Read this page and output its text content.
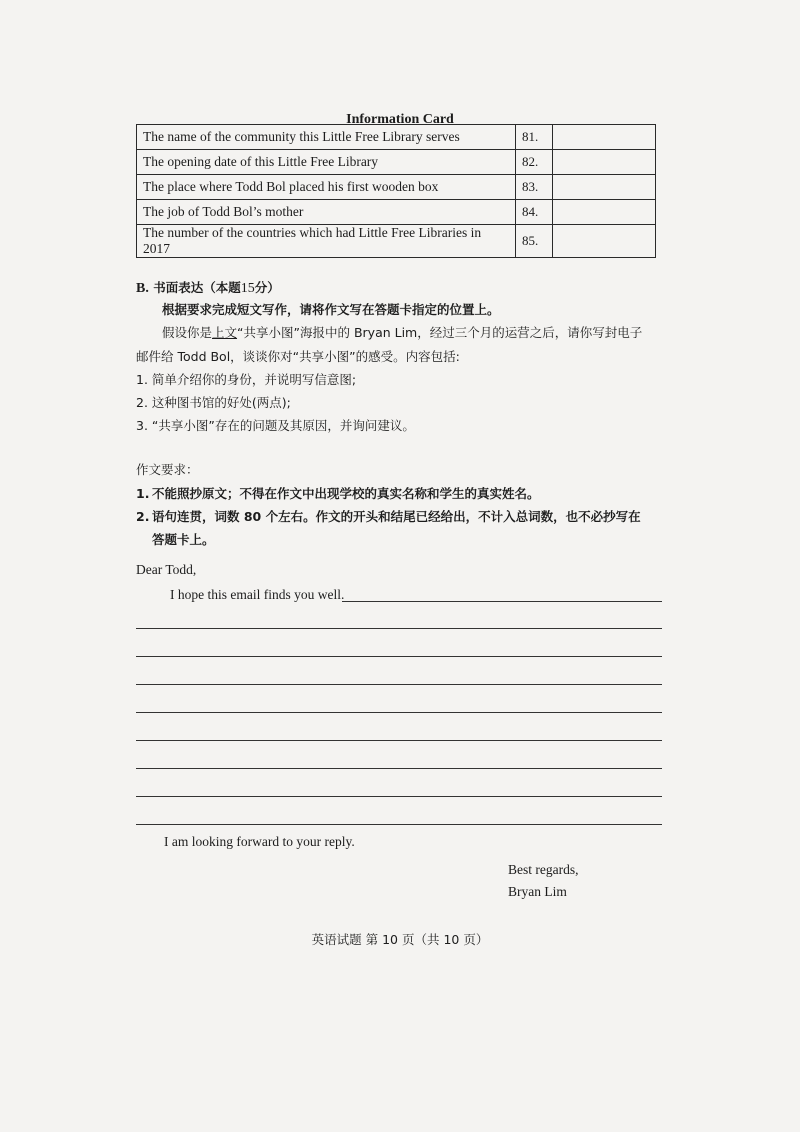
Information Card
The name of the community this Little Free Library serves	81.	
The opening date of this Little Free Library	82.	
The place where Todd Bol placed his first wooden box	83.	
The job of Todd Bol’s mother	84.	
The number of the countries which had Little Free Libraries in 2017	85.	
B. 书面表达（本题15分）
根据要求完成短文写作，请将作文写在答题卡指定的位置上。
假设你是上文“共享小图”海报中的 Bryan Lim，经过三个月的运营之后，请你写封电子
邮件给 Todd Bol，谈谈你对“共享小图”的感受。内容包括:
1. 简单介绍你的身份，并说明写信意图;
2. 这种图书馆的好处(两点);
3. “共享小图”存在的问题及其原因，并询问建议。
作文要求：
1. 不能照抄原文；不得在作文中出现学校的真实名称和学生的真实姓名。
2. 语句连贯，词数 80 个左右。作文的开头和结尾已经给出，不计入总词数，也不必抄写在
答题卡上。
Dear Todd,
I hope this email finds you well.
I am looking forward to your reply.
Best regards,
Bryan Lim
英语试题 第 10 页（共 10 页）
